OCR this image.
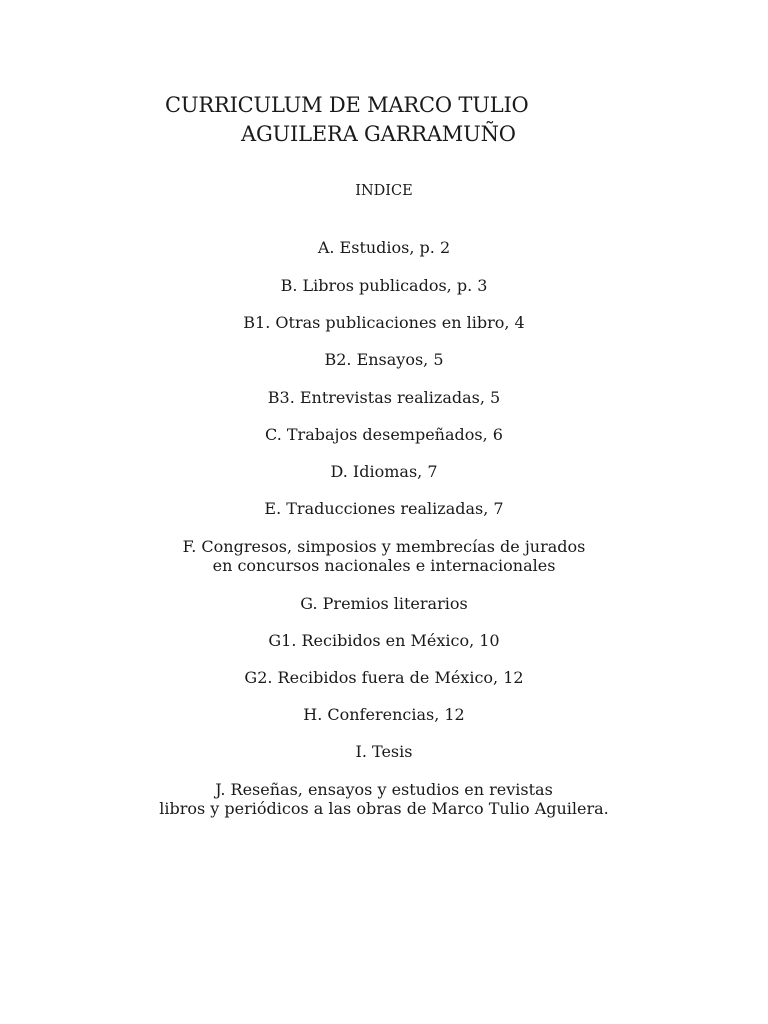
CURRICULUM DE MARCO TULIO
AGUILERA GARRAMUÑO
INDICE
A. Estudios, p. 2
B. Libros publicados, p. 3
B1. Otras publicaciones en libro, 4
B2. Ensayos, 5
B3. Entrevistas realizadas, 5
C. Trabajos desempeñados, 6
D. Idiomas, 7
E. Traducciones realizadas, 7
F. Congresos, simposios y membrecías de jurados
en concursos nacionales e internacionales
G. Premios literarios
G1. Recibidos en México, 10
G2. Recibidos fuera de México, 12
H. Conferencias, 12
I. Tesis
J. Reseñas, ensayos y estudios en revistas
libros y periódicos a las obras de Marco Tulio Aguilera.
